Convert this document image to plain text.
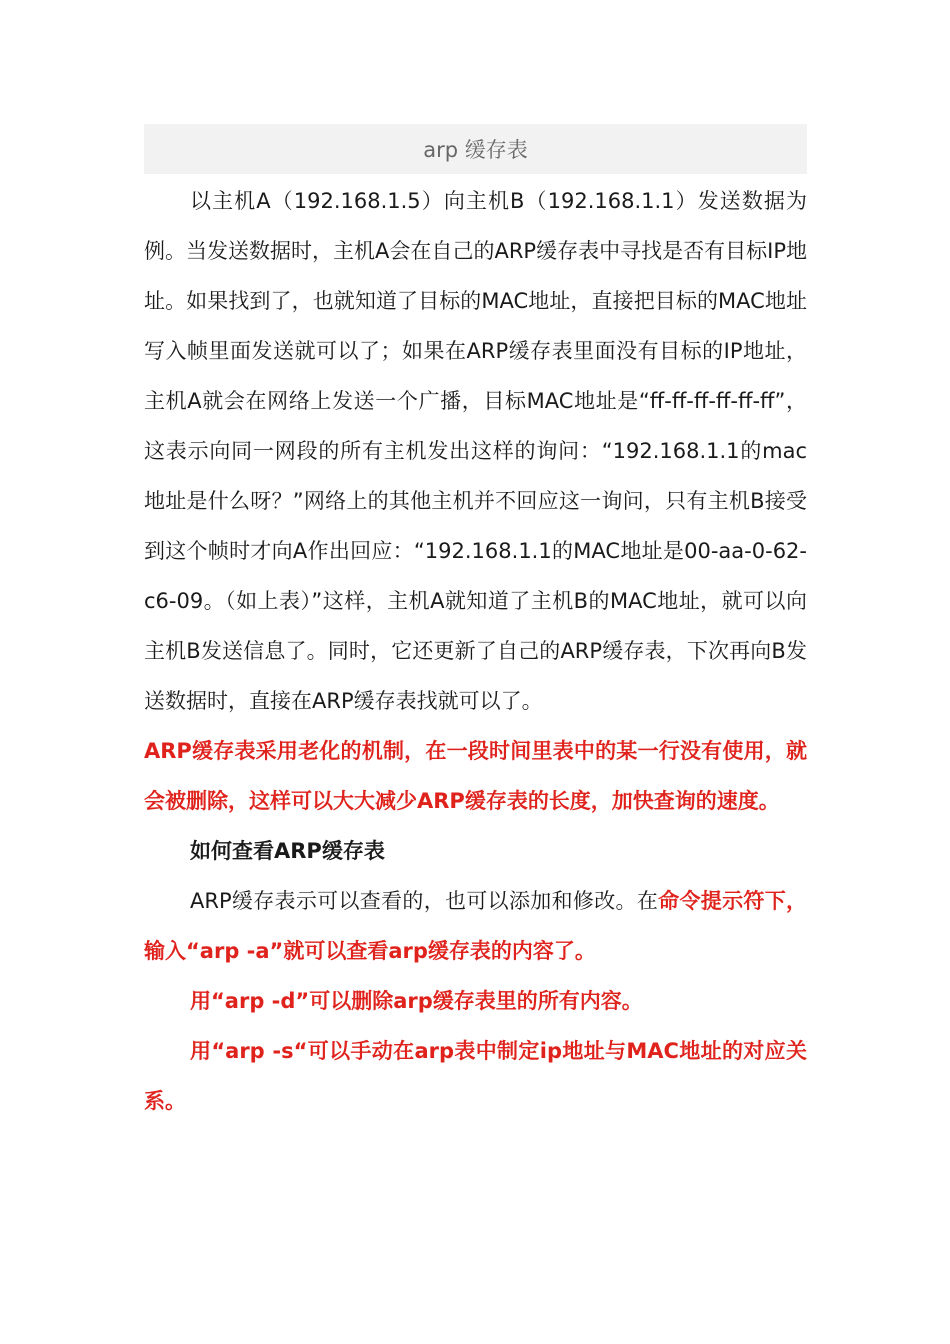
arp 缓存表

以主机A（192.168.1.5）向主机B（192.168.1.1）发送数据为例。当发送数据时，主机A会在自己的ARP缓存表中寻找是否有目标IP地址。如果找到了，也就知道了目标的MAC地址，直接把目标的MAC地址写入帧里面发送就可以了；如果在ARP缓存表里面没有目标的IP地址，主机A就会在网络上发送一个广播，目标MAC地址是“ff-ff-ff-ff-ff-ff”，这表示向同一网段的所有主机发出这样的询问：“192.168.1.1的mac地址是什么呀？”网络上的其他主机并不回应这一询问，只有主机B接受到这个帧时才向A作出回应：“192.168.1.1的MAC地址是00-aa-0-62-c6-09。（如上表）”这样，主机A就知道了主机B的MAC地址，就可以向主机B发送信息了。同时，它还更新了自己的ARP缓存表，下次再向B发送数据时，直接在ARP缓存表找就可以了。

ARP缓存表采用老化的机制，在一段时间里表中的某一行没有使用，就会被删除，这样可以大大减少ARP缓存表的长度，加快查询的速度。

如何查看ARP缓存表

ARP缓存表示可以查看的，也可以添加和修改。在命令提示符下，输入“arp -a”就可以查看arp缓存表的内容了。

用“arp -d”可以删除arp缓存表里的所有内容。

用“arp -s“可以手动在arp表中制定ip地址与MAC地址的对应关系。
